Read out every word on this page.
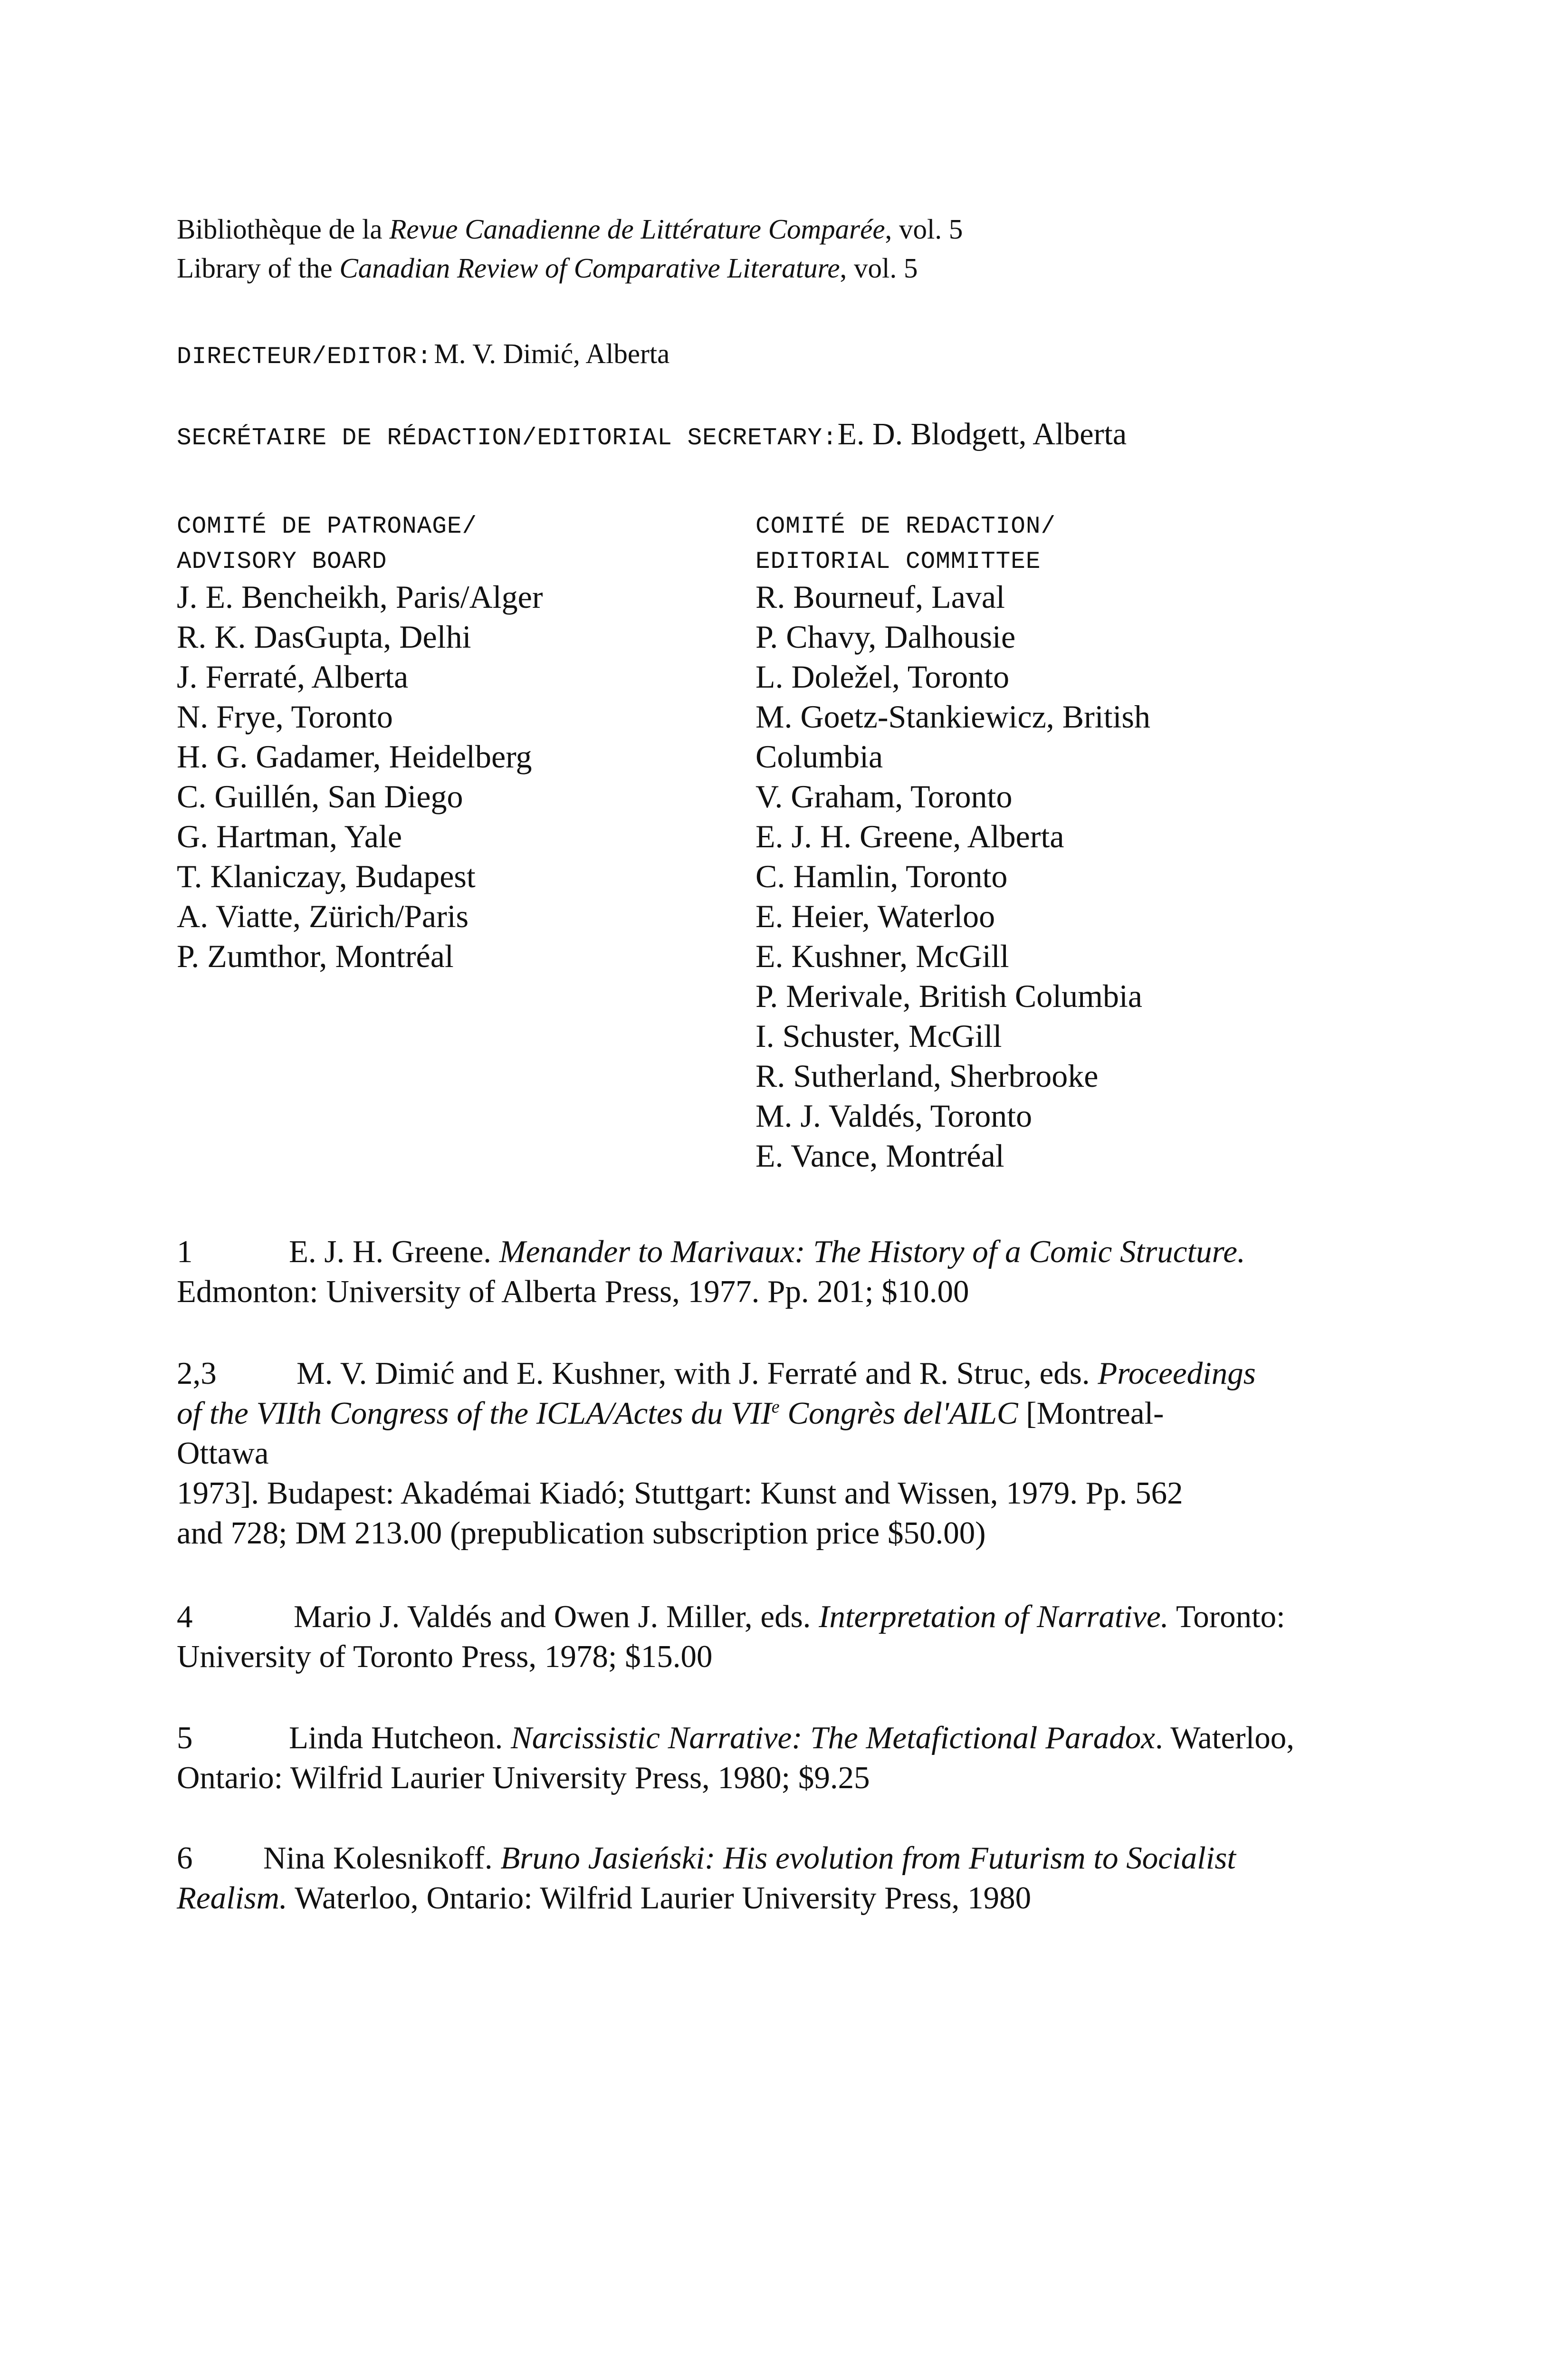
Bibliothèque de la Revue Canadienne de Littérature Comparée, vol. 5
Library of the Canadian Review of Comparative Literature, vol. 5
DIRECTEUR/EDITOR: M. V. Dimić, Alberta
SECRÉTAIRE DE RÉDACTION/EDITORIAL SECRETARY:E. D. Blodgett, Alberta
COMITÉ DE PATRONAGE/
ADVISORY BOARD
J. E. Bencheikh, Paris/Alger
R. K. DasGupta, Delhi
J. Ferraté, Alberta
N. Frye, Toronto
H. G. Gadamer, Heidelberg
C. Guillén, San Diego
G. Hartman, Yale
T. Klaniczay, Budapest
A. Viatte, Zürich/Paris
P. Zumthor, Montréal
COMITÉ DE REDACTION/
EDITORIAL COMMITTEE
R. Bourneuf, Laval
P. Chavy, Dalhousie
L. Doležel, Toronto
M. Goetz-Stankiewicz, British
Columbia
V. Graham, Toronto
E. J. H. Greene, Alberta
C. Hamlin, Toronto
E. Heier, Waterloo
E. Kushner, McGill
P. Merivale, British Columbia
I. Schuster, McGill
R. Sutherland, Sherbrooke
M. J. Valdés, Toronto
E. Vance, Montréal
1	E. J. H. Greene. Menander to Marivaux: The History of a Comic Structure.
Edmonton: University of Alberta Press, 1977. Pp. 201; $10.00
2,3	M. V. Dimić and E. Kushner, with J. Ferraté and R. Struc, eds. Proceedings
of the VIIth Congress of the ICLA/Actes du VIIe Congrès del'AILC [Montreal-
Ottawa
1973]. Budapest: Akadémai Kiadó; Stuttgart: Kunst and Wissen, 1979. Pp. 562
and 728; DM 213.00 (prepublication subscription price $50.00)
4	Mario J. Valdés and Owen J. Miller, eds. Interpretation of Narrative. Toronto:
University of Toronto Press, 1978; $15.00
5	Linda Hutcheon. Narcissistic Narrative: The Metafictional Paradox. Waterloo,
Ontario: Wilfrid Laurier University Press, 1980; $9.25
6 Nina Kolesnikoff. Bruno Jasieński: His evolution from Futurism to Socialist
Realism. Waterloo, Ontario: Wilfrid Laurier University Press, 1980
